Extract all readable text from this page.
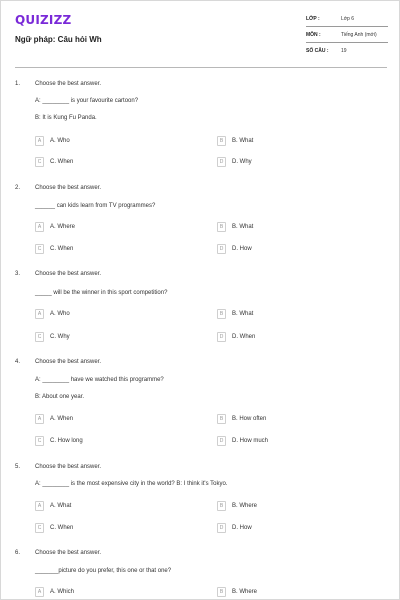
QUIZIZZ
Ngữ pháp: Câu hỏi Wh
LỚP :	Lớp 6
MÔN :	Tiếng Anh (mới)
SỐ CÂU :	19
1. Choose the best answer.
A: ________ is your favourite cartoon?
B: It is Kung Fu Panda.
A	A. Who	B	B. What
C	C. When	D	D. Why
2. Choose the best answer.
______ can kids learn from TV programmes?
A	A. Where	B	B. What
C	C. When	D	D. How
3. Choose the best answer.
_____ will be the winner in this sport competition?
A	A. Who	B	B. What
C	C. Why	D	D. When
4. Choose the best answer.
A: ________ have we watched this programme?
B: About one year.
A	A. When	B	B. How often
C	C. How long	D	D. How much
5. Choose the best answer.
A: ________ is the most expensive city in the world? B: I think it's Tokyo.
A	A. What	B	B. Where
C	C. When	D	D. How
6. Choose the best answer.
_______picture do you prefer, this one or that one?
A	A. Which	B	B. Where
